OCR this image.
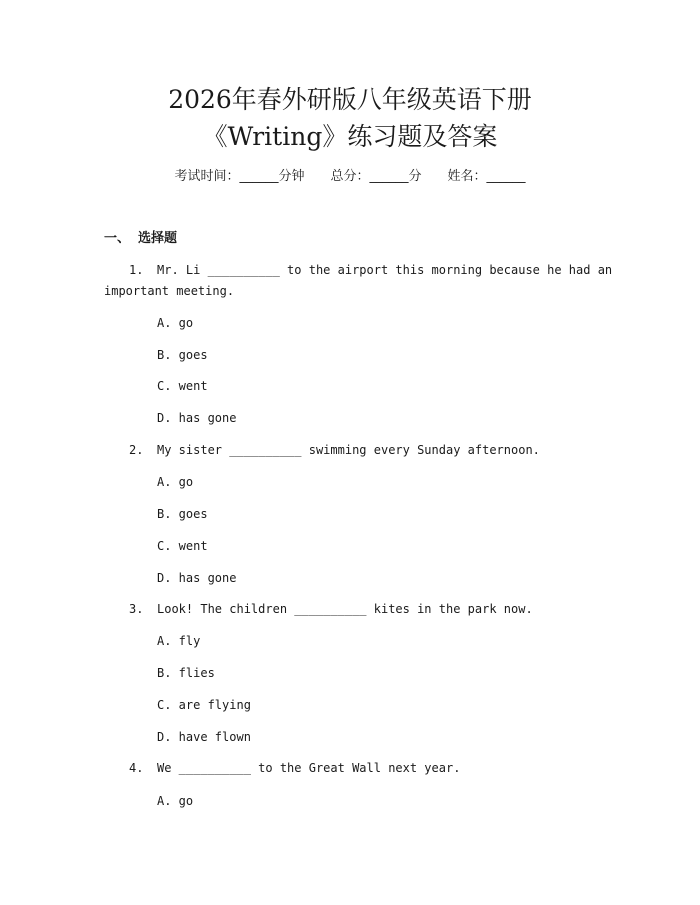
2026年春外研版八年级英语下册
《Writing》练习题及答案
考试时间：______分钟 总分：______分 姓名：______
一、 选择题
1.	Mr. Li __________ to the airport this morning because he had an
important meeting.
A. go
B. goes
C. went
D. has gone
2.	My sister __________ swimming every Sunday afternoon.
A. go
B. goes
C. went
D. has gone
3.	Look! The children __________ kites in the park now.
A. fly
B. flies
C. are flying
D. have flown
4.	We __________ to the Great Wall next year.
A. go
